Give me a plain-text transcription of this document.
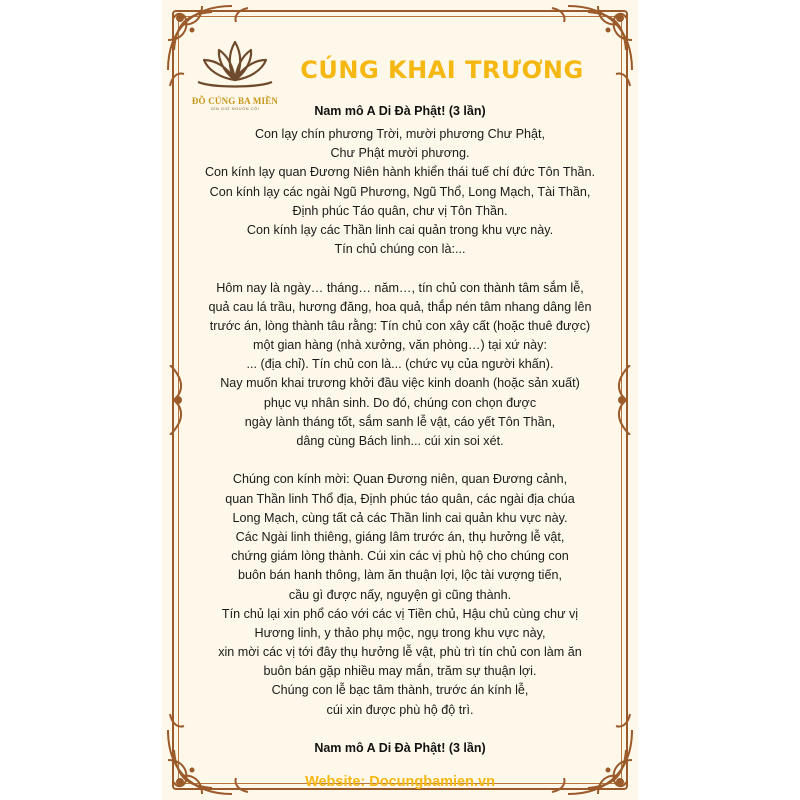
ĐỒ CÚNG BA MIỀN
GÌN GIỮ NGUỒN CỘI
CÚNG KHAI TRƯƠNG
Nam mô A Di Đà Phật! (3 lần)
Con lạy chín phương Trời, mười phương Chư Phật,
Chư Phật mười phương.
Con kính lạy quan Đương Niên hành khiển thái tuế chí đức Tôn Thần.
Con kính lạy các ngài Ngũ Phương, Ngũ Thổ, Long Mạch, Tài Thần,
Định phúc Táo quân, chư vị Tôn Thần.
Con kính lạy các Thần linh cai quản trong khu vực này.
Tín chủ chúng con là:...
Hôm nay là ngày… tháng… năm…, tín chủ con thành tâm sắm lễ,
quả cau lá trầu, hương đăng, hoa quả, thắp nén tâm nhang dâng lên
trước án, lòng thành tâu rằng: Tín chủ con xây cất (hoặc thuê được)
một gian hàng (nhà xưởng, văn phòng…) tại xứ này:
... (địa chỉ). Tín chủ con là... (chức vụ của người khấn).
Nay muốn khai trương khởi đầu việc kinh doanh (hoặc sản xuất)
phục vụ nhân sinh. Do đó, chúng con chọn được
ngày lành tháng tốt, sắm sanh lễ vật, cáo yết Tôn Thần,
dâng cùng Bách linh... cúi xin soi xét.
Chúng con kính mời: Quan Đương niên, quan Đương cảnh,
quan Thần linh Thổ địa, Định phúc táo quân, các ngài địa chúa
Long Mạch, cùng tất cả các Thần linh cai quản khu vực này.
Các Ngài linh thiêng, giáng lâm trước án, thụ hưởng lễ vật,
chứng giám lòng thành. Cúi xin các vị phù hộ cho chúng con
buôn bán hanh thông, làm ăn thuận lợi, lộc tài vượng tiến,
cầu gì được nấy, nguyện gì cũng thành.
Tín chủ lại xin phổ cáo với các vị Tiền chủ, Hậu chủ cùng chư vị
Hương linh, y thảo phụ mộc, ngụ trong khu vực này,
xin mời các vị tới đây thụ hưởng lễ vật, phù trì tín chủ con làm ăn
buôn bán gặp nhiều may mắn, trăm sự thuận lợi.
Chúng con lễ bạc tâm thành, trước án kính lễ,
cúi xin được phù hộ độ trì.
Nam mô A Di Đà Phật! (3 lần)
Website: Docungbamien.vn
